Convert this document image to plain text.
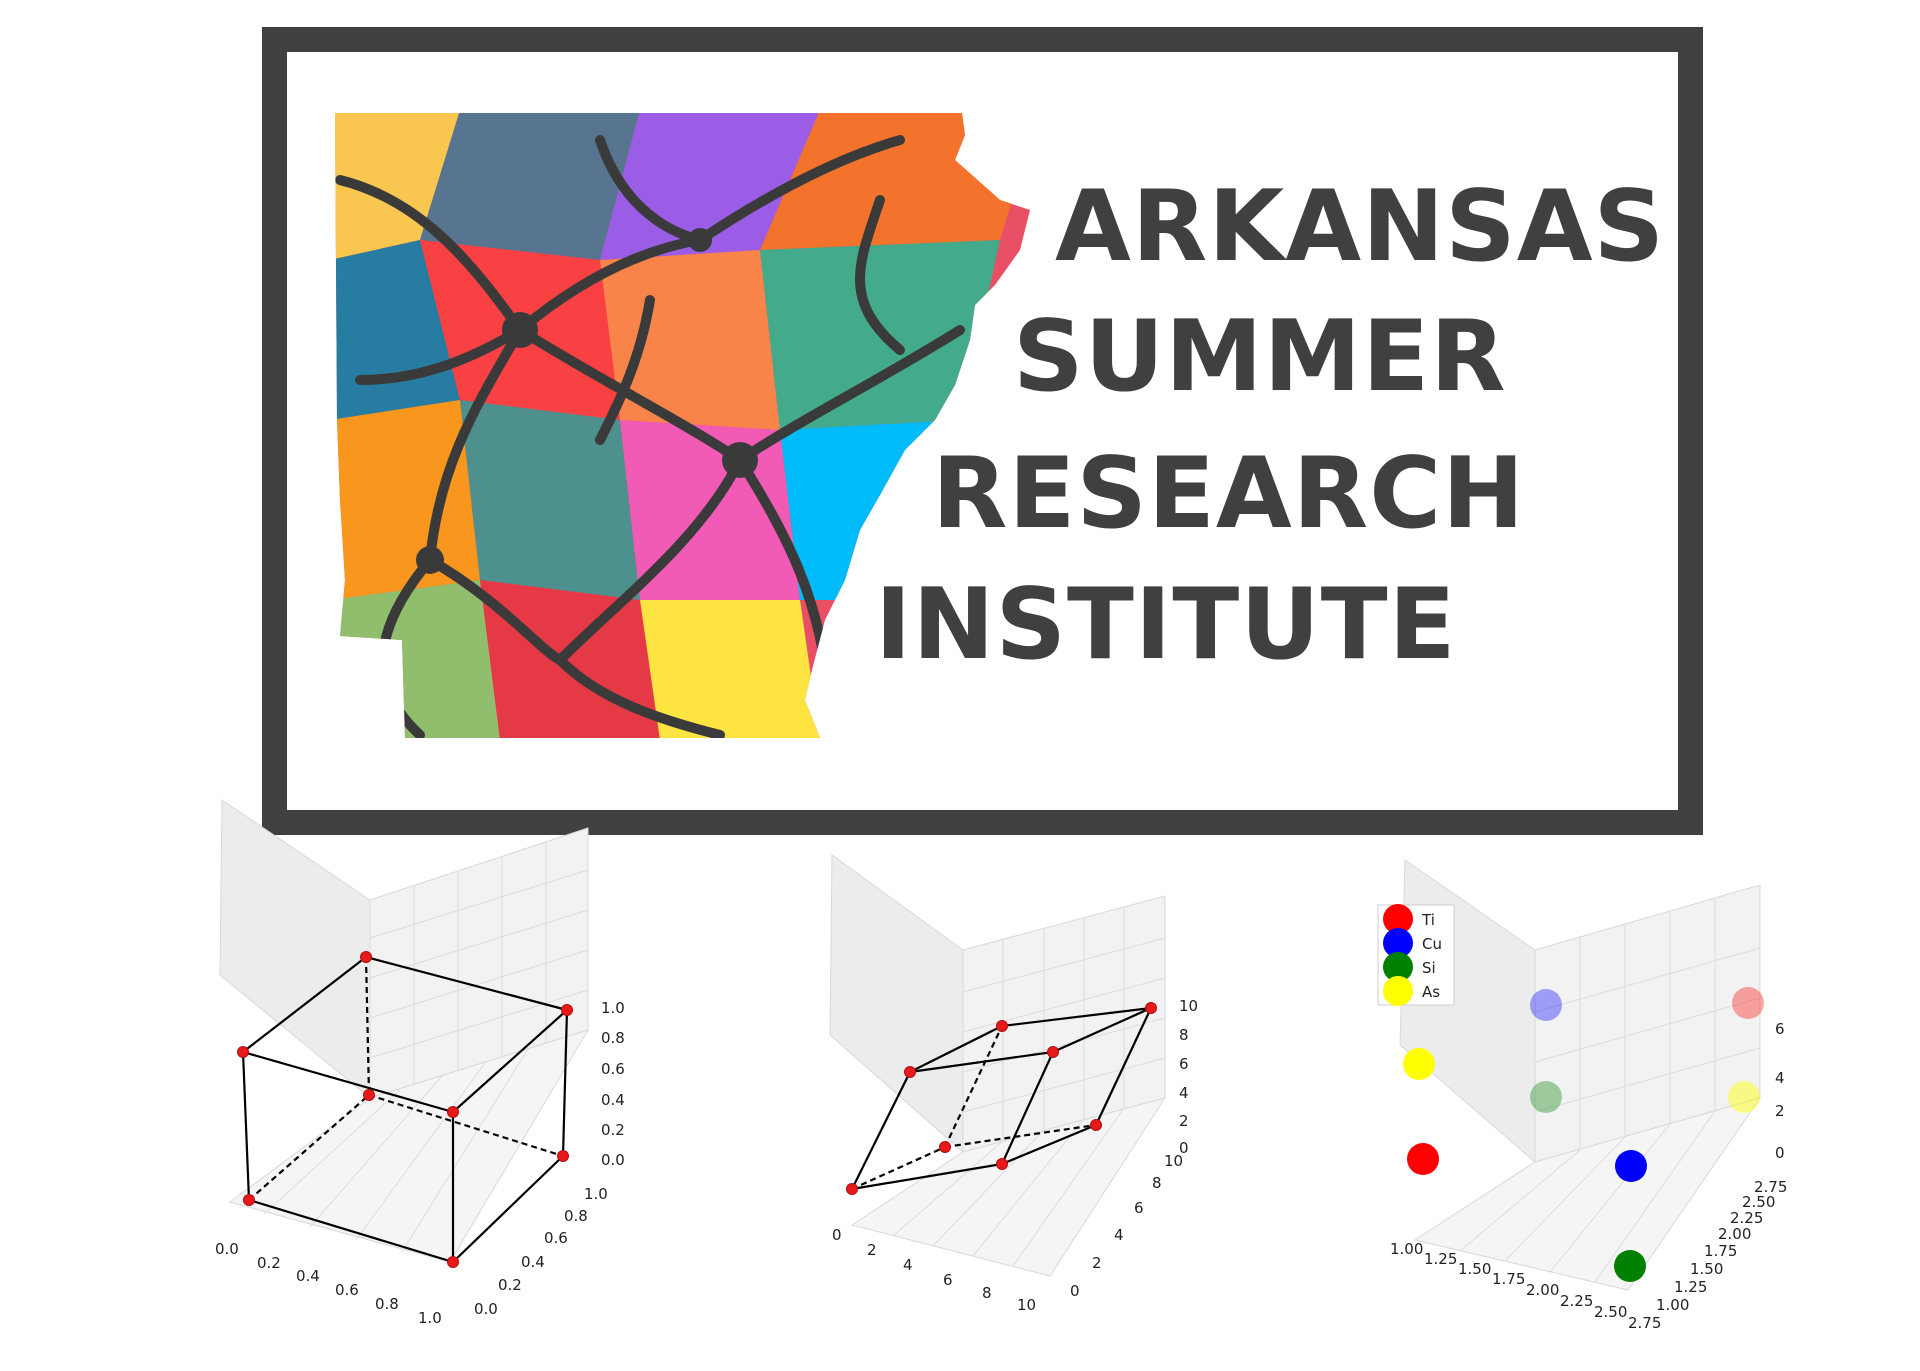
ARKANSAS
SUMMER
RESEARCH
INSTITUTE
0.0
0.2
0.4
0.6
0.8
1.0 0.0
0.2
0.4
0.6
0.8
1.0
0.0
0.2
0.4
0.6
0.8
1.0
0
2
4
6
8
10
0
2
4
6
8
10
0
2
4
6
8
10
Ti
Cu
Si
As
1.00
1.25
1.50
1.75
2.00
2.25
2.50
2.75
1.00
1.25
1.50
1.75
2.00
2.25
2.50
2.75
0
2
4
6
